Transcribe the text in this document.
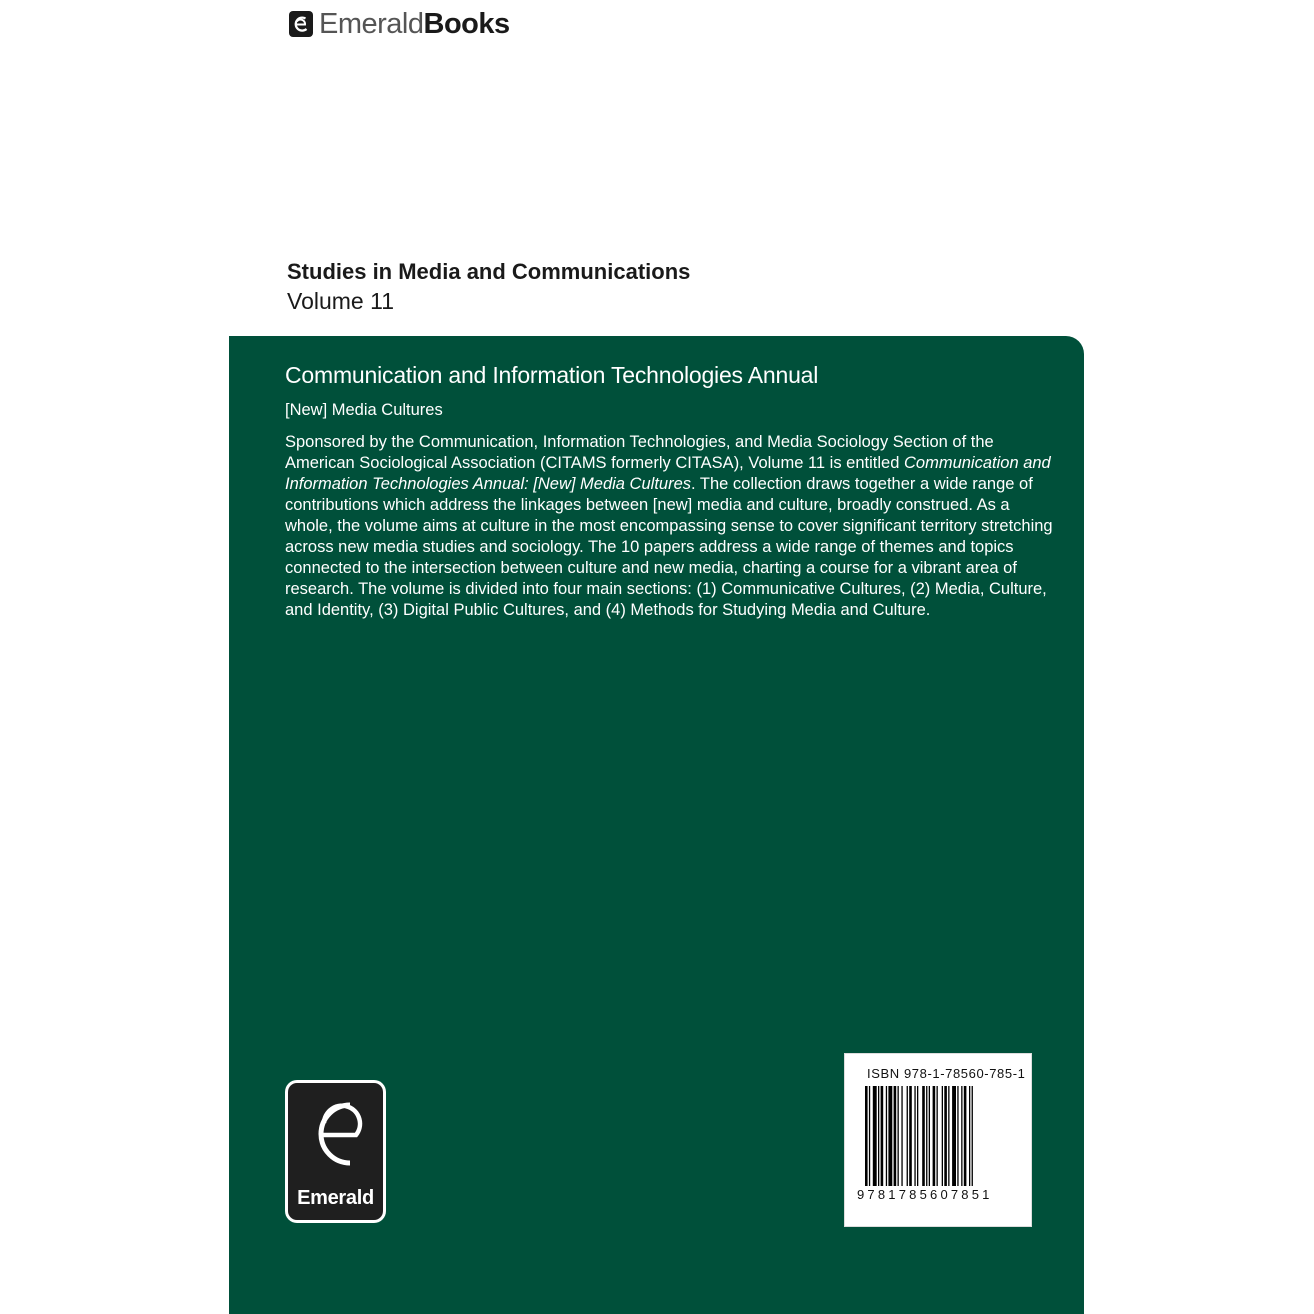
EmeraldBooks
Studies in Media and Communications
Volume 11
Communication and Information Technologies Annual
[New] Media Cultures
Sponsored by the Communication, Information Technologies, and Media Sociology Section of the American Sociological Association (CITAMS formerly CITASA), Volume 11 is entitled Communication and Information Technologies Annual: [New] Media Cultures. The collection draws together a wide range of contributions which address the linkages between [new] media and culture, broadly construed. As a whole, the volume aims at culture in the most encompassing sense to cover significant territory stretching across new media studies and sociology. The 10 papers address a wide range of themes and topics connected to the intersection between culture and new media, charting a course for a vibrant area of research. The volume is divided into four main sections: (1) Communicative Cultures, (2) Media, Culture, and Identity, (3) Digital Public Cultures, and (4) Methods for Studying Media and Culture.
Emerald
ISBN 978-1-78560-785-1
9781785607851
